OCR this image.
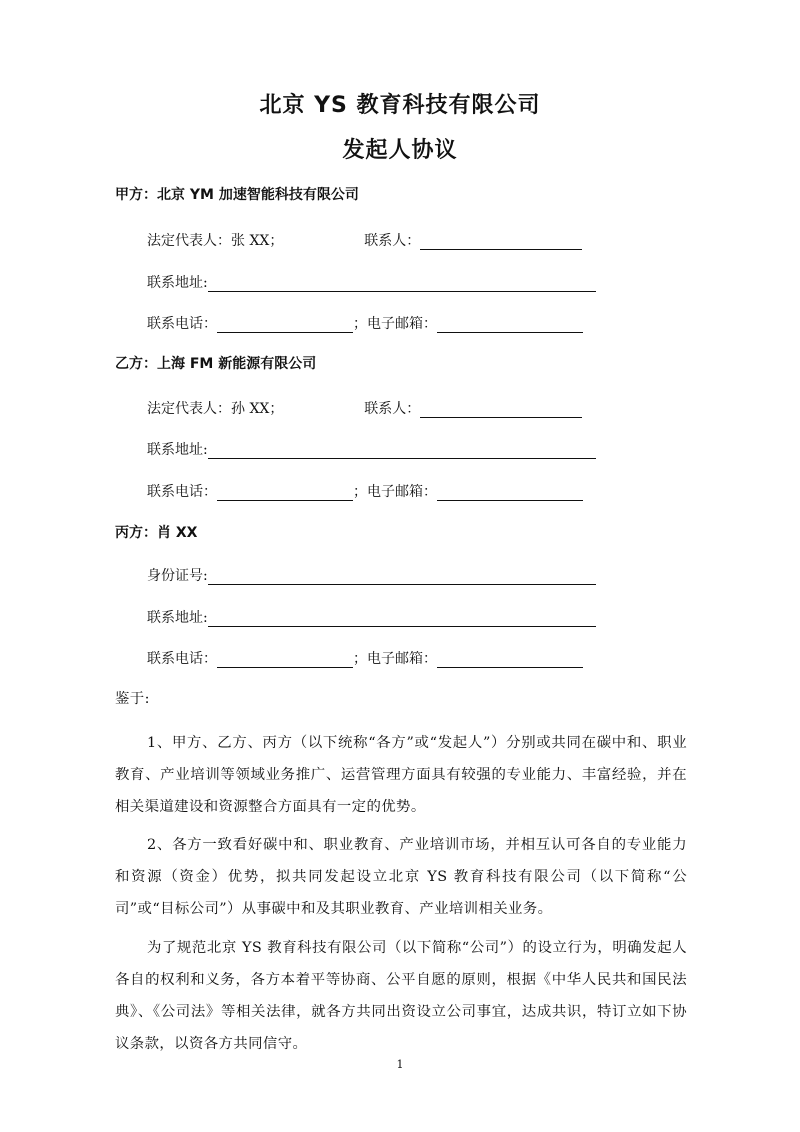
北京 YS 教育科技有限公司
发起人协议
甲方：北京 YM 加速智能科技有限公司
法定代表人：张 XX；	联系人：
联系地址:
联系电话：	；电子邮箱：
乙方：上海 FM 新能源有限公司
法定代表人：孙 XX；	联系人：
联系地址:
联系电话：	；电子邮箱：
丙方：肖 XX
身份证号:
联系地址:
联系电话：	；电子邮箱：
鉴于:
1、甲方、乙方、丙方（以下统称“各方”或“发起人”）分别或共同在碳中和、职业教育、产业培训等领域业务推广、运营管理方面具有较强的专业能力、丰富经验，并在相关渠道建设和资源整合方面具有一定的优势。
2、各方一致看好碳中和、职业教育、产业培训市场，并相互认可各自的专业能力和资源（资金）优势，拟共同发起设立北京 YS 教育科技有限公司（以下简称“公司”或“目标公司”）从事碳中和及其职业教育、产业培训相关业务。
为了规范北京 YS 教育科技有限公司（以下简称“公司”）的设立行为，明确发起人各自的权利和义务，各方本着平等协商、公平自愿的原则，根据《中华人民共和国民法典》、《公司法》等相关法律，就各方共同出资设立公司事宜，达成共识，特订立如下协议条款，以资各方共同信守。
1
